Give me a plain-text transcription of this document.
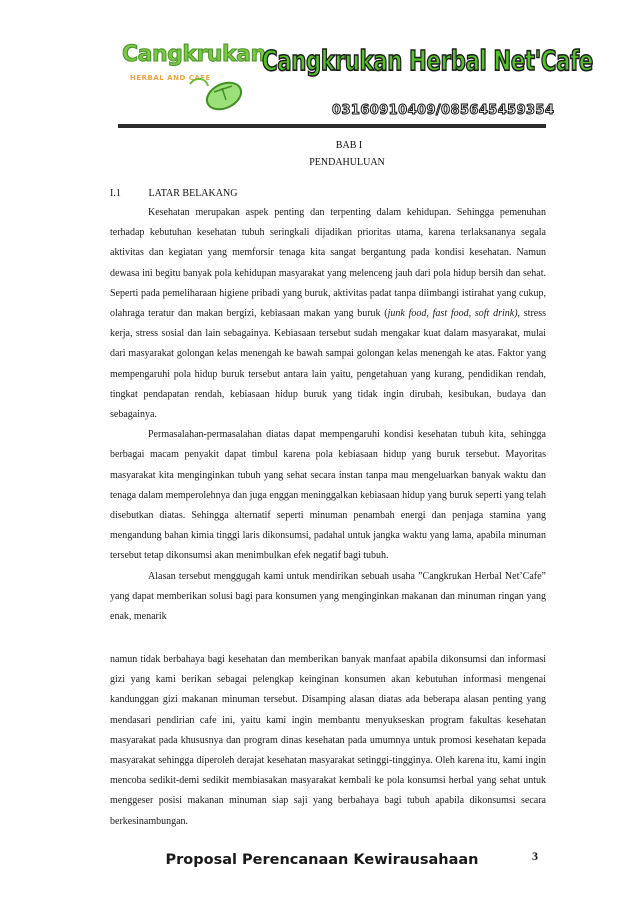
Cangkrukan
HERBAL AND CAFE
Cangkrukan Herbal Net'Cafe
03160910409/085645459354
BAB I
PENDAHULUAN
I.1	LATAR BELAKANG

Kesehatan merupakan aspek penting dan terpenting dalam kehidupan. Sehingga pemenuhan terhadap kebutuhan kesehatan tubuh seringkali dijadikan prioritas utama, karena terlaksananya segala aktivitas dan kegiatan yang memforsir tenaga kita sangat bergantung pada kondisi kesehatan. Namun dewasa ini begitu banyak pola kehidupan masyarakat yang melenceng jauh dari pola hidup bersih dan sehat. Seperti pada pemeliharaan higiene pribadi yang buruk, aktivitas padat tanpa diimbangi istirahat yang cukup, olahraga teratur dan makan bergizi, kebiasaan makan yang buruk (junk food, fast food, soft drink), stress kerja, stress sosial dan lain sebagainya. Kebiasaan tersebut sudah mengakar kuat dalam masyarakat, mulai dari masyarakat golongan kelas menengah ke bawah sampai golongan kelas menengah ke atas. Faktor yang mempengaruhi pola hidup buruk tersebut antara lain yaitu, pengetahuan yang kurang, pendidikan rendah, tingkat pendapatan rendah, kebiasaan hidup buruk yang tidak ingin dirubah, kesibukan, budaya dan sebagainya.

Permasalahan-permasalahan diatas dapat mempengaruhi kondisi kesehatan tubuh kita, sehingga berbagai macam penyakit dapat timbul karena pola kebiasaan hidup yang buruk tersebut. Mayoritas masyarakat kita menginginkan tubuh yang sehat secara instan tanpa mau mengeluarkan banyak waktu dan tenaga dalam memperolehnya dan juga enggan meninggalkan kebiasaan hidup yang buruk seperti yang telah disebutkan diatas. Sehingga alternatif seperti minuman penambah energi dan penjaga stamina yang mengandung bahan kimia tinggi laris dikonsumsi, padahal untuk jangka waktu yang lama, apabila minuman tersebut tetap dikonsumsi akan menimbulkan efek negatif bagi tubuh.

Alasan tersebut menggugah kami untuk mendirikan sebuah usaha ”Cangkrukan Herbal Net’Cafe” yang dapat memberikan solusi bagi para konsumen yang menginginkan makanan dan minuman ringan yang enak, menarik

namun tidak berbahaya bagi kesehatan dan memberikan banyak manfaat apabila dikonsumsi dan informasi gizi yang kami berikan sebagai pelengkap keinginan konsumen akan kebutuhan informasi mengenai kandunggan gizi makanan minuman tersebut. Disamping alasan diatas ada beberapa alasan penting yang mendasari pendirian cafe ini, yaitu kami ingin membantu menyukseskan program fakultas kesehatan masyarakat pada khususnya dan program dinas kesehatan pada umumnya untuk promosi kesehatan kepada masyarakat sehingga diperoleh derajat kesehatan masyarakat setinggi-tingginya. Oleh karena itu, kami ingin mencoba sedikit-demi sedikit membiasakan masyarakat kembali ke pola konsumsi herbal yang sehat untuk menggeser posisi makanan minuman siap saji yang berbahaya bagi tubuh apabila dikonsumsi secara berkesinambungan.

Proposal Perencanaan Kewirausahaan	3
